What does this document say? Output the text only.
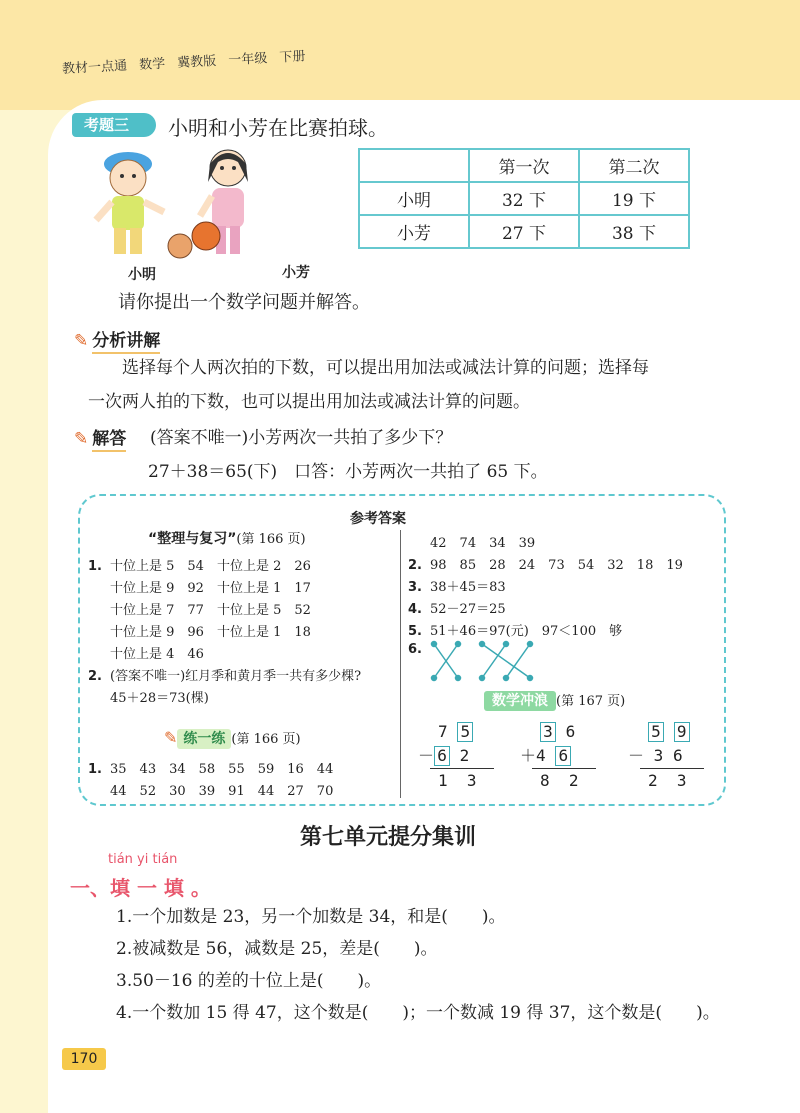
教材一点通 数学 冀教版 一年级 下册
考题三	小明和小芳在比赛拍球。
小明	小芳
	第一次	第二次
小明	32 下	19 下
小芳	27 下	38 下
请你提出一个数学问题并解答。
✎ 分析讲解
选择每个人两次拍的下数，可以提出用加法或减法计算的问题；选择每
一次两人拍的下数，也可以提出用加法或减法计算的问题。
✎ 解答 (答案不唯一)小芳两次一共拍了多少下？
27＋38＝65(下)　口答：小芳两次一共拍了 65 下。
参考答案
“整理与复习”(第 166 页)
1. 十位上是 5　54　十位上是 2　26
十位上是 9　92　十位上是 1　17
十位上是 7　77　十位上是 5　52
十位上是 9　96　十位上是 1　18
十位上是 4　46
2. (答案不唯一)红月季和黄月季一共有多少棵?
45＋28＝73(棵)
✎ 练一练 (第 166 页)
1. 35　43　34　58　55　59　16　44
44　52　30　39　91　44　27　70
42　74　34　39
2. 98　85　28　24　73　54　32　18　19
3. 38＋45＝83
4. 52－27＝25
5. 51＋46＝97(元)　97＜100　够
6.
数学冲浪 (第 167 页)
7 5
－ 6 2
1 3
3 6
＋4 6
8 2
5 9
－ 3 6
2 3
第七单元提分集训
tián yi tián
一、填 一 填 。
1.一个加数是 23，另一个加数是 34，和是(　　)。
2.被减数是 56，减数是 25，差是(　　)。
3.50－16 的差的十位上是(　　)。
4.一个数加 15 得 47，这个数是(　　)；一个数减 19 得 37，这个数是(　　)。
170
